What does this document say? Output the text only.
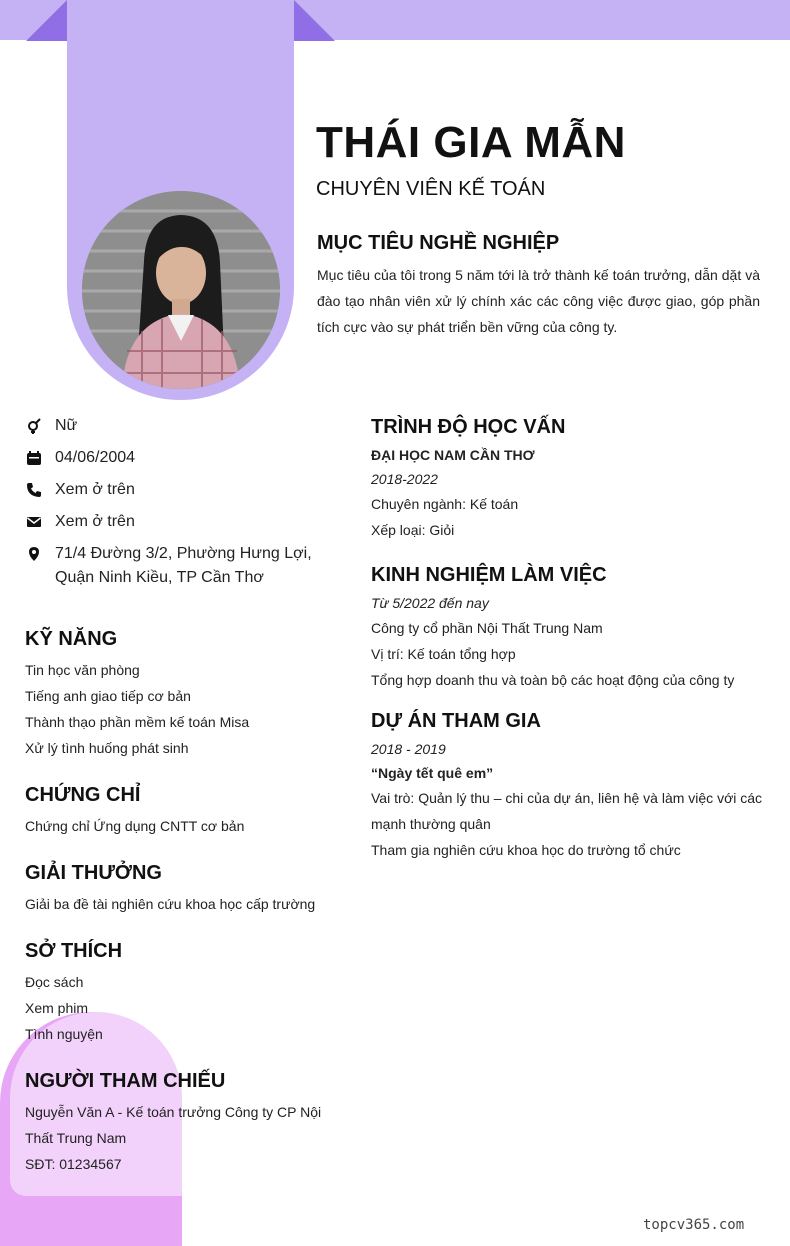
THÁI GIA MẪN
CHUYÊN VIÊN KẾ TOÁN
MỤC TIÊU NGHỀ NGHIỆP
Mục tiêu của tôi trong 5 năm tới là trở thành kế toán trưởng, dẫn dặt và đào tạo nhân viên xử lý chính xác các công việc được giao, góp phần tích cực vào sự phát triển bền vững của công ty.
Nữ
04/06/2004
Xem ở trên
Xem ở trên
71/4 Đường 3/2, Phường Hưng Lợi, Quận Ninh Kiều, TP Cần Thơ
KỸ NĂNG
Tin học văn phòng
Tiếng anh giao tiếp cơ bản
Thành thạo phần mềm kế toán Misa
Xử lý tình huống phát sinh
CHỨNG CHỈ
Chứng chỉ Ứng dụng CNTT cơ bản
GIẢI THƯỞNG
Giải ba đề tài nghiên cứu khoa học cấp trường
SỞ THÍCH
Đọc sách
Xem phim
Tình nguyện
NGƯỜI THAM CHIẾU
Nguyễn Văn A - Kế toán trưởng Công ty CP Nội Thất Trung Nam
SĐT: 01234567
TRÌNH ĐỘ HỌC VẤN
ĐẠI HỌC NAM CẦN THƠ
2018-2022
Chuyên ngành: Kế toán
Xếp loại: Giỏi
KINH NGHIỆM LÀM VIỆC
Từ 5/2022 đến nay
Công ty cổ phần Nội Thất Trung Nam
Vị trí: Kế toán tổng hợp
Tổng hợp doanh thu và toàn bộ các hoạt động của công ty
DỰ ÁN THAM GIA
2018 - 2019
“Ngày tết quê em”
Vai trò: Quản lý thu – chi của dự án, liên hệ và làm việc với các mạnh thường quân
Tham gia nghiên cứu khoa học do trường tổ chức
topcv365.com
